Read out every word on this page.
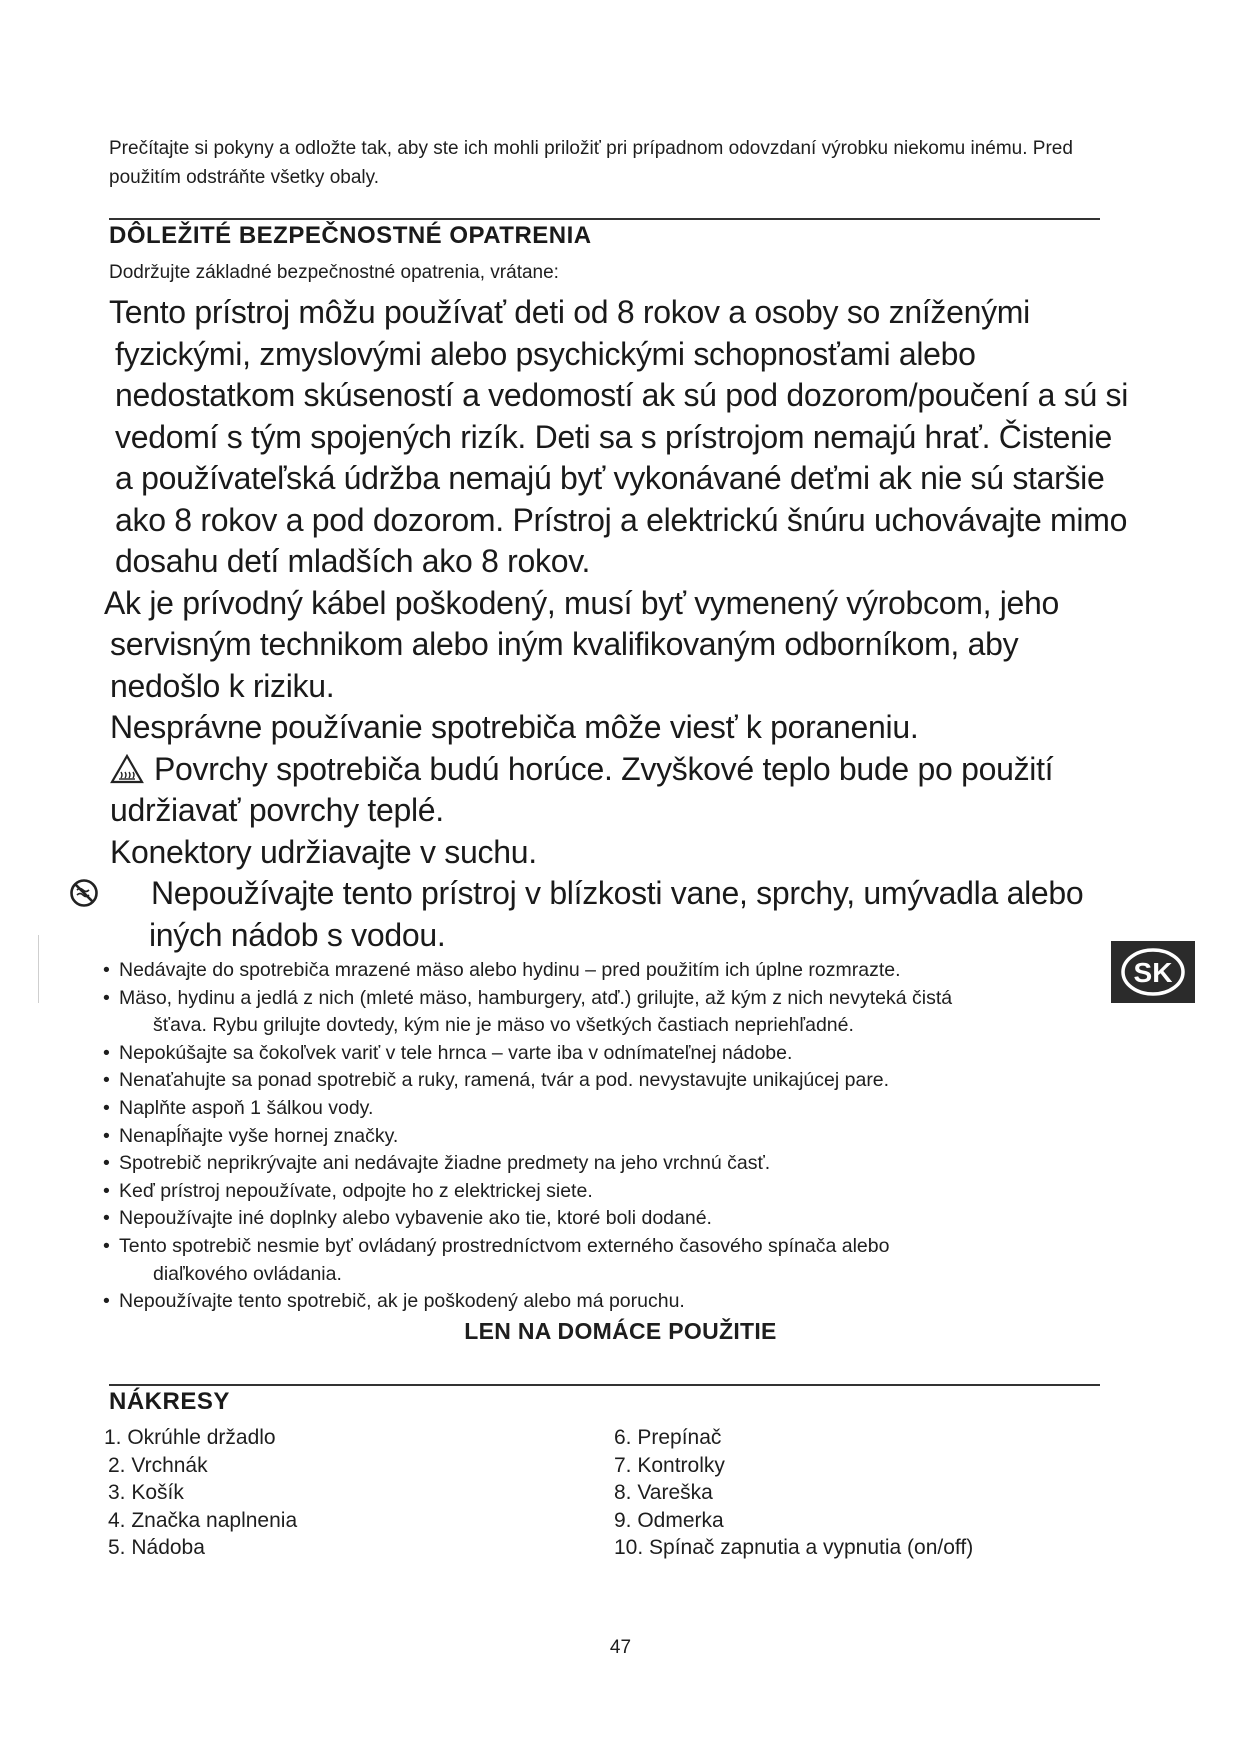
Prečítajte si pokyny a odložte tak, aby ste ich mohli priložiť pri prípadnom odovzdaní výrobku niekomu inému. Pred použitím odstráňte všetky obaly.
DÔLEŽITÉ BEZPEČNOSTNÉ OPATRENIA
Dodržujte základné bezpečnostné opatrenia, vrátane:

Tento prístroj môžu používať deti od 8 rokov a osoby so zníženými fyzickými, zmyslovými alebo psychickými schopnosťami alebo nedostatkom skúseností a vedomostí ak sú pod dozorom/poučení a sú si vedomí s tým spojených rizík. Deti sa s prístrojom nemajú hrať. Čistenie a používateľská údržba nemajú byť vykonávané deťmi ak nie sú staršie ako 8 rokov a pod dozorom. Prístroj a elektrickú šnúru uchovávajte mimo dosahu detí mladších ako 8 rokov.

Ak je prívodný kábel poškodený, musí byť vymenený výrobcom, jeho servisným technikom alebo iným kvalifikovaným odborníkom, aby nedošlo k riziku.

Nesprávne používanie spotrebiča môže viesť k poraneniu.

Povrchy spotrebiča budú horúce. Zvyškové teplo bude po použití udržiavať povrchy teplé.

Konektory udržiavajte v suchu.

Nepoužívajte tento prístroj v blízkosti vane, sprchy, umývadla alebo iných nádob s vodou.

• Nedávajte do spotrebiča mrazené mäso alebo hydinu – pred použitím ich úplne rozmrazte.
• Mäso, hydinu a jedlá z nich (mleté mäso, hamburgery, atď.) grilujte, až kým z nich nevyteká čistá
šťava. Rybu grilujte dovtedy, kým nie je mäso vo všetkých častiach nepriehľadné.
• Nepokúšajte sa čokoľvek variť v tele hrnca – varte iba v odnímateľnej nádobe.
• Nenaťahujte sa ponad spotrebič a ruky, ramená, tvár a pod. nevystavujte unikajúcej pare.
• Naplňte aspoň 1 šálkou vody.
• Nenapĺňajte vyše hornej značky.
• Spotrebič neprikrývajte ani nedávajte žiadne predmety na jeho vrchnú časť.
• Keď prístroj nepoužívate, odpojte ho z elektrickej siete.
• Nepoužívajte iné doplnky alebo vybavenie ako tie, ktoré boli dodané.
• Tento spotrebič nesmie byť ovládaný prostredníctvom externého časového spínača alebo
diaľkového ovládania.
• Nepoužívajte tento spotrebič, ak je poškodený alebo má poruchu.
LEN NA DOMÁCE POUŽITIE
NÁKRESY
1. Okrúhle držadlo
2. Vrchnák
3. Košík
4. Značka naplnenia
5. Nádoba
6. Prepínač
7. Kontrolky
8. Vareška
9. Odmerka
10. Spínač zapnutia a vypnutia (on/off)
SK
47
